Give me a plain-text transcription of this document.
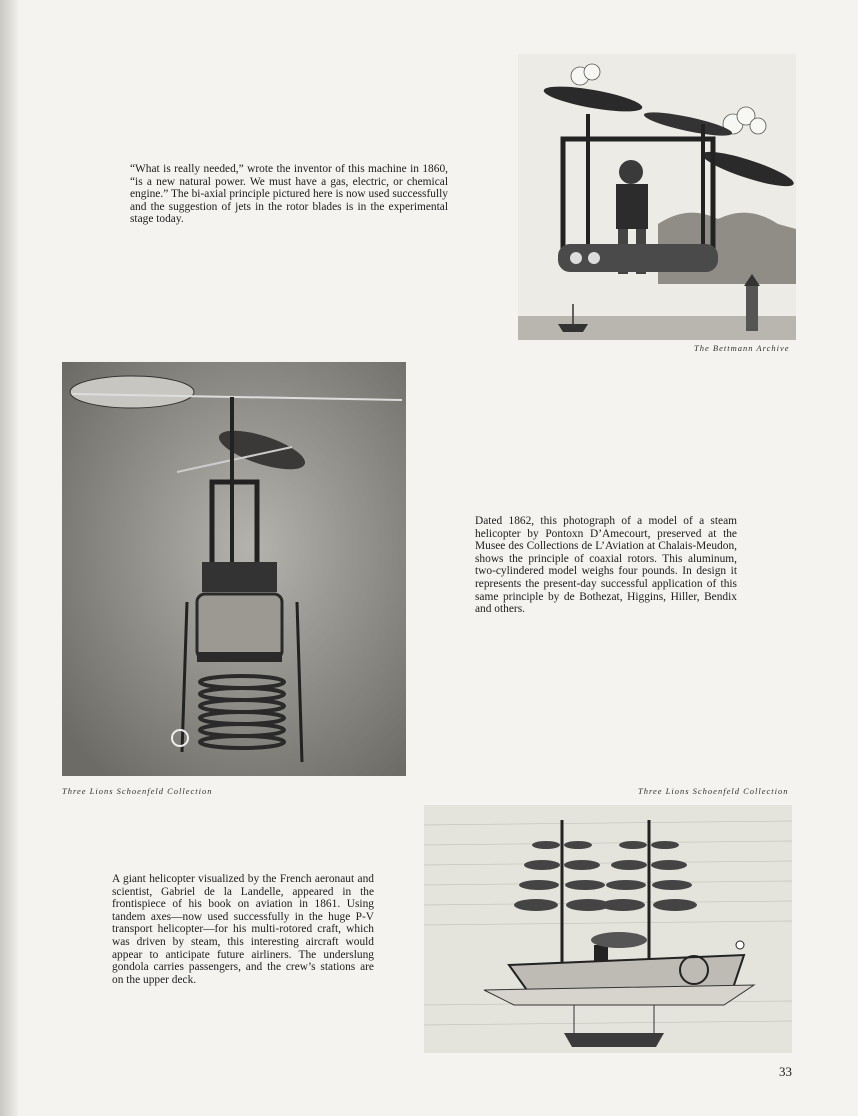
The Bettmann Archive
“What is really needed,” wrote the inventor of this machine in 1860, “is a new natural power. We must have a gas, electric, or chemical engine.” The bi-axial principle pictured here is now used successfully and the suggestion of jets in the rotor blades is in the experimental stage today.
Three Lions Schoenfeld Collection
Dated 1862, this photograph of a model of a steam helicopter by Pontoxn D’Amecourt, preserved at the Musee des Collections de L’Aviation at Chalais-Meudon, shows the principle of coaxial rotors. This aluminum, two-cylindered model weighs four pounds. In design it represents the present-day successful application of this same principle by de Bothezat, Higgins, Hiller, Bendix and others.
Three Lions Schoenfeld Collection
A giant helicopter visualized by the French aeronaut and scientist, Gabriel de la Landelle, appeared in the frontispiece of his book on aviation in 1861. Using tandem axes—now used successfully in the huge P-V transport helicopter—for his multi-rotored craft, which was driven by steam, this interesting aircraft would appear to anticipate future airliners. The underslung gondola carries passengers, and the crew’s stations are on the upper deck.
33
